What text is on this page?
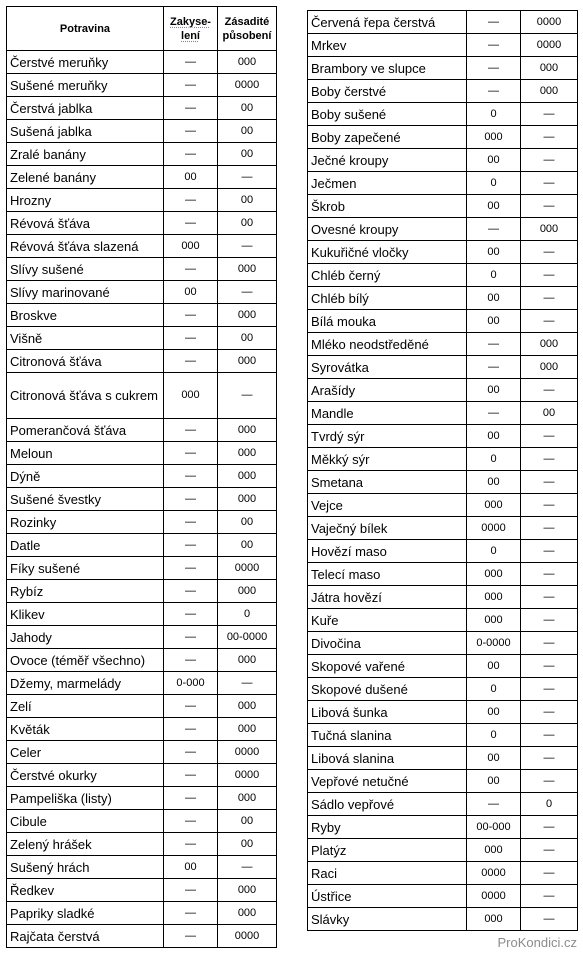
Potravina	Zakyse-lení	Zásadité působení
Čerstvé meruňky	—	000
Sušené meruňky	—	0000
Čerstvá jablka	—	00
Sušená jablka	—	00
Zralé banány	—	00
Zelené banány	00	—
Hrozny	—	00
Révová šťáva	—	00
Révová šťáva slazená	000	—
Slívy sušené	—	000
Slívy marinované	00	—
Broskve	—	000
Višně	—	00
Citronová šťáva	—	000
Citronová šťáva s cukrem	000	—
Pomerančová šťáva	—	000
Meloun	—	000
Dýně	—	000
Sušené švestky	—	000
Rozinky	—	00
Datle	—	00
Fíky sušené	—	0000
Rybíz	—	000
Klikev	—	0
Jahody	—	00-0000
Ovoce (téměř všechno)	—	000
Džemy, marmelády	0-000	—
Zelí	—	000
Květák	—	000
Celer	—	0000
Čerstvé okurky	—	0000
Pampeliška (listy)	—	000
Cibule	—	00
Zelený hrášek	—	00
Sušený hrách	00	—
Ředkev	—	000
Papriky sladké	—	000
Rajčata čerstvá	—	0000
Červená řepa čerstvá	—	0000
Mrkev	—	0000
Brambory ve slupce	—	000
Boby čerstvé	—	000
Boby sušené	0	—
Boby zapečené	000	—
Ječné kroupy	00	—
Ječmen	0	—
Škrob	00	—
Ovesné kroupy	—	000
Kukuřičné vločky	00	—
Chléb černý	0	—
Chléb bílý	00	—
Bílá mouka	00	—
Mléko neodstředěné	—	000
Syrovátka	—	000
Arašídy	00	—
Mandle	—	00
Tvrdý sýr	00	—
Měkký sýr	0	—
Smetana	00	—
Vejce	000	—
Vaječný bílek	0000	—
Hovězí maso	0	—
Telecí maso	000	—
Játra hovězí	000	—
Kuře	000	—
Divočina	0-0000	—
Skopové vařené	00	—
Skopové dušené	0	—
Libová šunka	00	—
Tučná slanina	0	—
Libová slanina	00	—
Vepřové netučné	00	—
Sádlo vepřové	—	0
Ryby	00-000	—
Platýz	000	—
Raci	0000	—
Ústřice	0000	—
Slávky	000	—
ProKondici.cz
